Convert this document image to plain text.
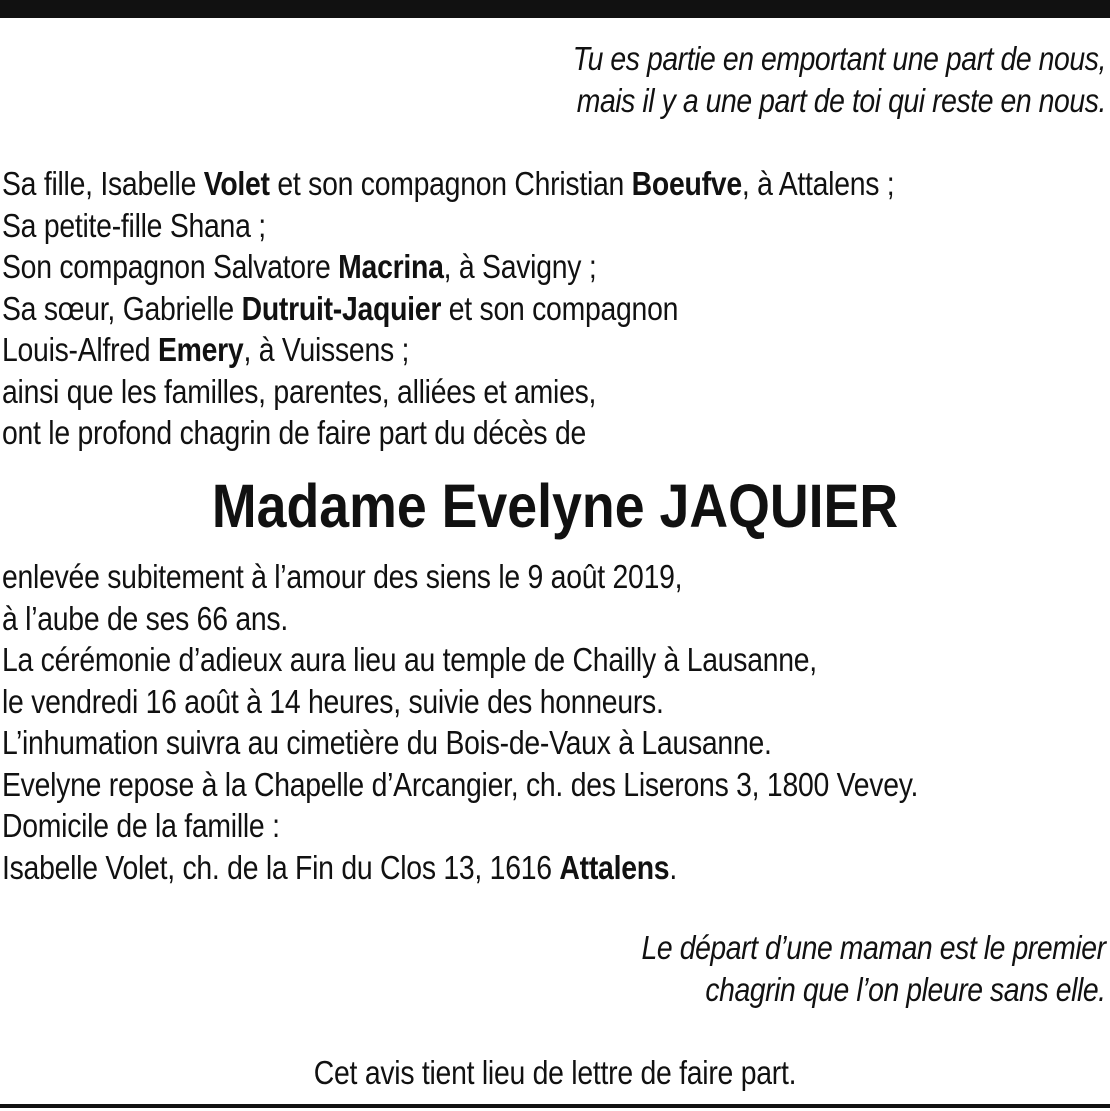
Tu es partie en emportant une part de nous,
mais il y a une part de toi qui reste en nous.
Sa fille, Isabelle Volet et son compagnon Christian Boeufve, à Attalens ;
Sa petite-fille Shana ;
Son compagnon Salvatore Macrina, à Savigny ;
Sa sœur, Gabrielle Dutruit-Jaquier et son compagnon
Louis-Alfred Emery, à Vuissens ;
ainsi que les familles, parentes, alliées et amies,
ont le profond chagrin de faire part du décès de
Madame Evelyne JAQUIER
enlevée subitement à l’amour des siens le 9 août 2019,
à l’aube de ses 66 ans.
La cérémonie d’adieux aura lieu au temple de Chailly à Lausanne,
le vendredi 16 août à 14 heures, suivie des honneurs.
L’inhumation suivra au cimetière du Bois-de-Vaux à Lausanne.
Evelyne repose à la Chapelle d’Arcangier, ch. des Liserons 3, 1800 Vevey.
Domicile de la famille :
Isabelle Volet, ch. de la Fin du Clos 13, 1616 Attalens.
Le départ d’une maman est le premier
chagrin que l’on pleure sans elle.
Cet avis tient lieu de lettre de faire part.
